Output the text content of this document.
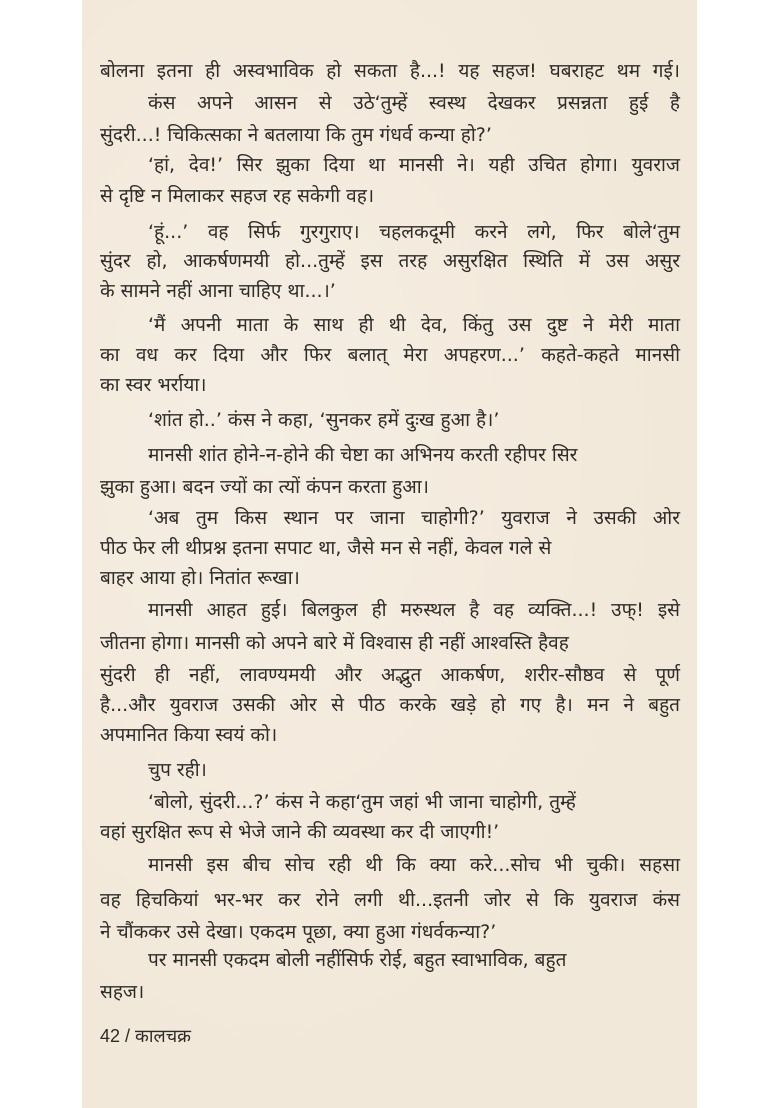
बोलना इतना ही अस्वभाविक हो सकता है...! यह सहज! घबराहट थम गई।
कंस अपने आसन से उठे‘तुम्हें स्वस्थ देखकर प्रसन्नता हुई है
सुंदरी...! चिकित्सका ने बतलाया कि तुम गंधर्व कन्या हो?’
‘हां, देव!’ सिर झुका दिया था मानसी ने। यही उचित होगा। युवराज
से दृष्टि न मिलाकर सहज रह सकेगी वह।
‘हूं...’ वह सिर्फ गुरगुराए। चहलकदूमी करने लगे, फिर बोले‘तुम
सुंदर हो, आकर्षणमयी हो...तुम्हें इस तरह असुरक्षित स्थिति में उस असुर
के सामने नहीं आना चाहिए था...।’
‘मैं अपनी माता के साथ ही थी देव, किंतु उस दुष्ट ने मेरी माता
का वध कर दिया और फिर बलात् मेरा अपहरण...’ कहते-कहते मानसी
का स्वर भर्राया।
‘शांत हो..’ कंस ने कहा, ‘सुनकर हमें दुःख हुआ है।’
मानसी शांत होने-न-होने की चेष्टा का अभिनय करती रहीपर सिर
झुका हुआ। बदन ज्यों का त्यों कंपन करता हुआ।
‘अब तुम किस स्थान पर जाना चाहोगी?’ युवराज ने उसकी ओर
पीठ फेर ली थीप्रश्न इतना सपाट था, जैसे मन से नहीं, केवल गले से
बाहर आया हो। नितांत रूखा।
मानसी आहत हुई। बिलकुल ही मरुस्थल है वह व्यक्ति...! उफ्! इसे
जीतना होगा। मानसी को अपने बारे में विश्वास ही नहीं आश्वस्ति हैवह
सुंदरी ही नहीं, लावण्यमयी और अद्भुत आकर्षण, शरीर-सौष्ठव से पूर्ण
है...और युवराज उसकी ओर से पीठ करके खड़े हो गए है। मन ने बहुत
अपमानित किया स्वयं को।
चुप रही।
‘बोलो, सुंदरी...?’ कंस ने कहा‘तुम जहां भी जाना चाहोगी, तुम्हें
वहां सुरक्षित रूप से भेजे जाने की व्यवस्था कर दी जाएगी!’
मानसी इस बीच सोच रही थी कि क्या करे...सोच भी चुकी। सहसा
वह हिचकियां भर-भर कर रोने लगी थी...इतनी जोर से कि युवराज कंस
ने चौंककर उसे देखा। एकदम पूछा, क्या हुआ गंधर्वकन्या?’
पर मानसी एकदम बोली नहींसिर्फ रोई, बहुत स्वाभाविक, बहुत
सहज।
42 / कालचक्र
